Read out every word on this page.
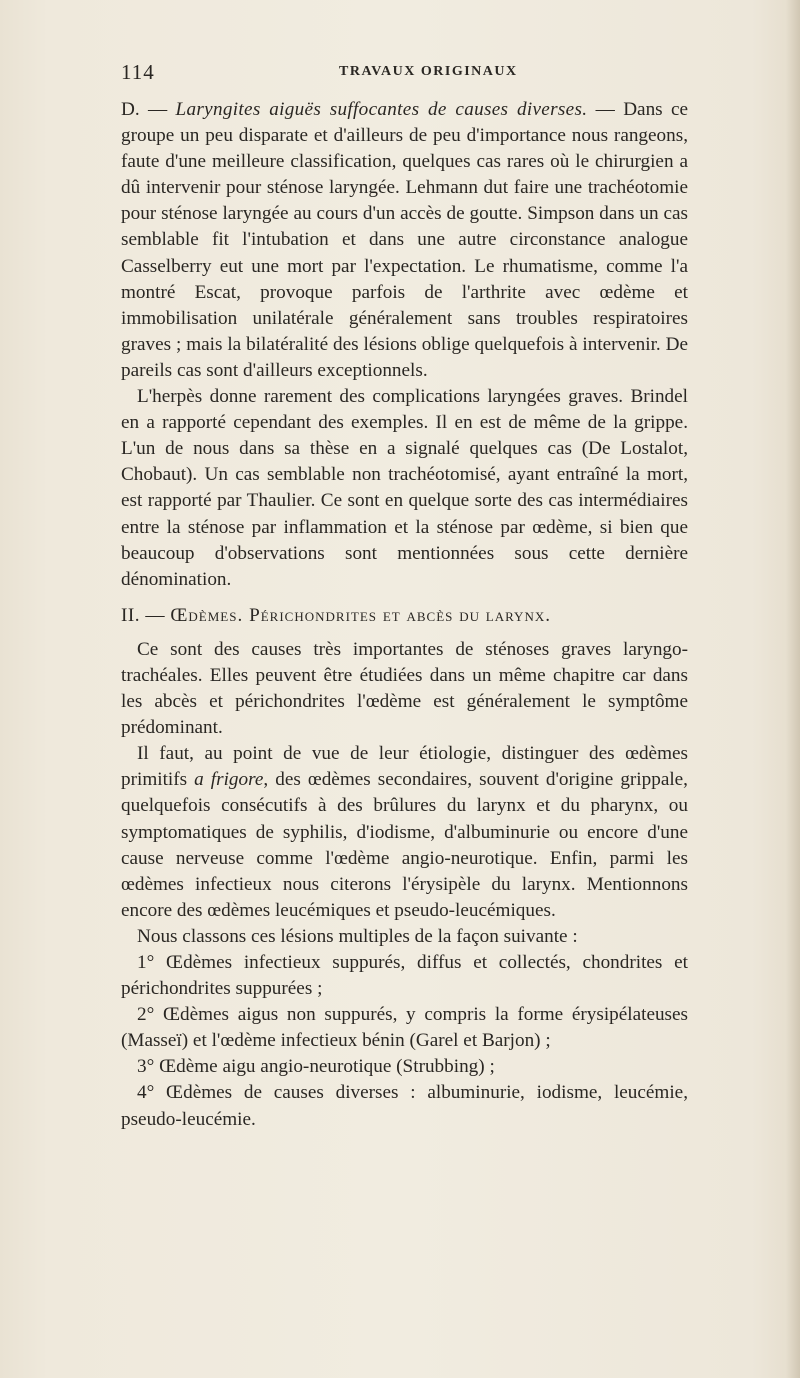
114	TRAVAUX ORIGINAUX

D. — Laryngites aiguës suffocantes de causes diverses. — Dans ce groupe un peu disparate et d'ailleurs de peu d'importance nous rangeons, faute d'une meilleure classification, quelques cas rares où le chirurgien a dû intervenir pour sténose laryngée. Lehmann dut faire une trachéotomie pour sténose laryngée au cours d'un accès de goutte. Simpson dans un cas semblable fit l'intubation et dans une autre circonstance analogue Casselberry eut une mort par l'expectation. Le rhumatisme, comme l'a montré Escat, provoque parfois de l'arthrite avec œdème et immobilisation unilatérale généralement sans troubles respiratoires graves ; mais la bilatéralité des lésions oblige quelquefois à intervenir. De pareils cas sont d'ailleurs exceptionnels.

L'herpès donne rarement des complications laryngées graves. Brindel en a rapporté cependant des exemples. Il en est de même de la grippe. L'un de nous dans sa thèse en a signalé quelques cas (De Lostalot, Chobaut). Un cas semblable non trachéotomisé, ayant entraîné la mort, est rapporté par Thaulier. Ce sont en quelque sorte des cas intermédiaires entre la sténose par inflammation et la sténose par œdème, si bien que beaucoup d'observations sont mentionnées sous cette dernière dénomination.

II. — Œdèmes. Périchondrites et abcès du larynx.

Ce sont des causes très importantes de sténoses graves laryngo-trachéales. Elles peuvent être étudiées dans un même chapitre car dans les abcès et périchondrites l'œdème est généralement le symptôme prédominant.

Il faut, au point de vue de leur étiologie, distinguer des œdèmes primitifs a frigore, des œdèmes secondaires, souvent d'origine grippale, quelquefois consécutifs à des brûlures du larynx et du pharynx, ou symptomatiques de syphilis, d'iodisme, d'albuminurie ou encore d'une cause nerveuse comme l'œdème angio-neurotique. Enfin, parmi les œdèmes infectieux nous citerons l'érysipèle du larynx. Mentionnons encore des œdèmes leucémiques et pseudo-leucémiques.

Nous classons ces lésions multiples de la façon suivante :

1° Œdèmes infectieux suppurés, diffus et collectés, chondrites et périchondrites suppurées ;

2° Œdèmes aigus non suppurés, y compris la forme érysipélateuses (Masseï) et l'œdème infectieux bénin (Garel et Barjon) ;

3° Œdème aigu angio-neurotique (Strubbing) ;

4° Œdèmes de causes diverses : albuminurie, iodisme, leucémie, pseudo-leucémie.
